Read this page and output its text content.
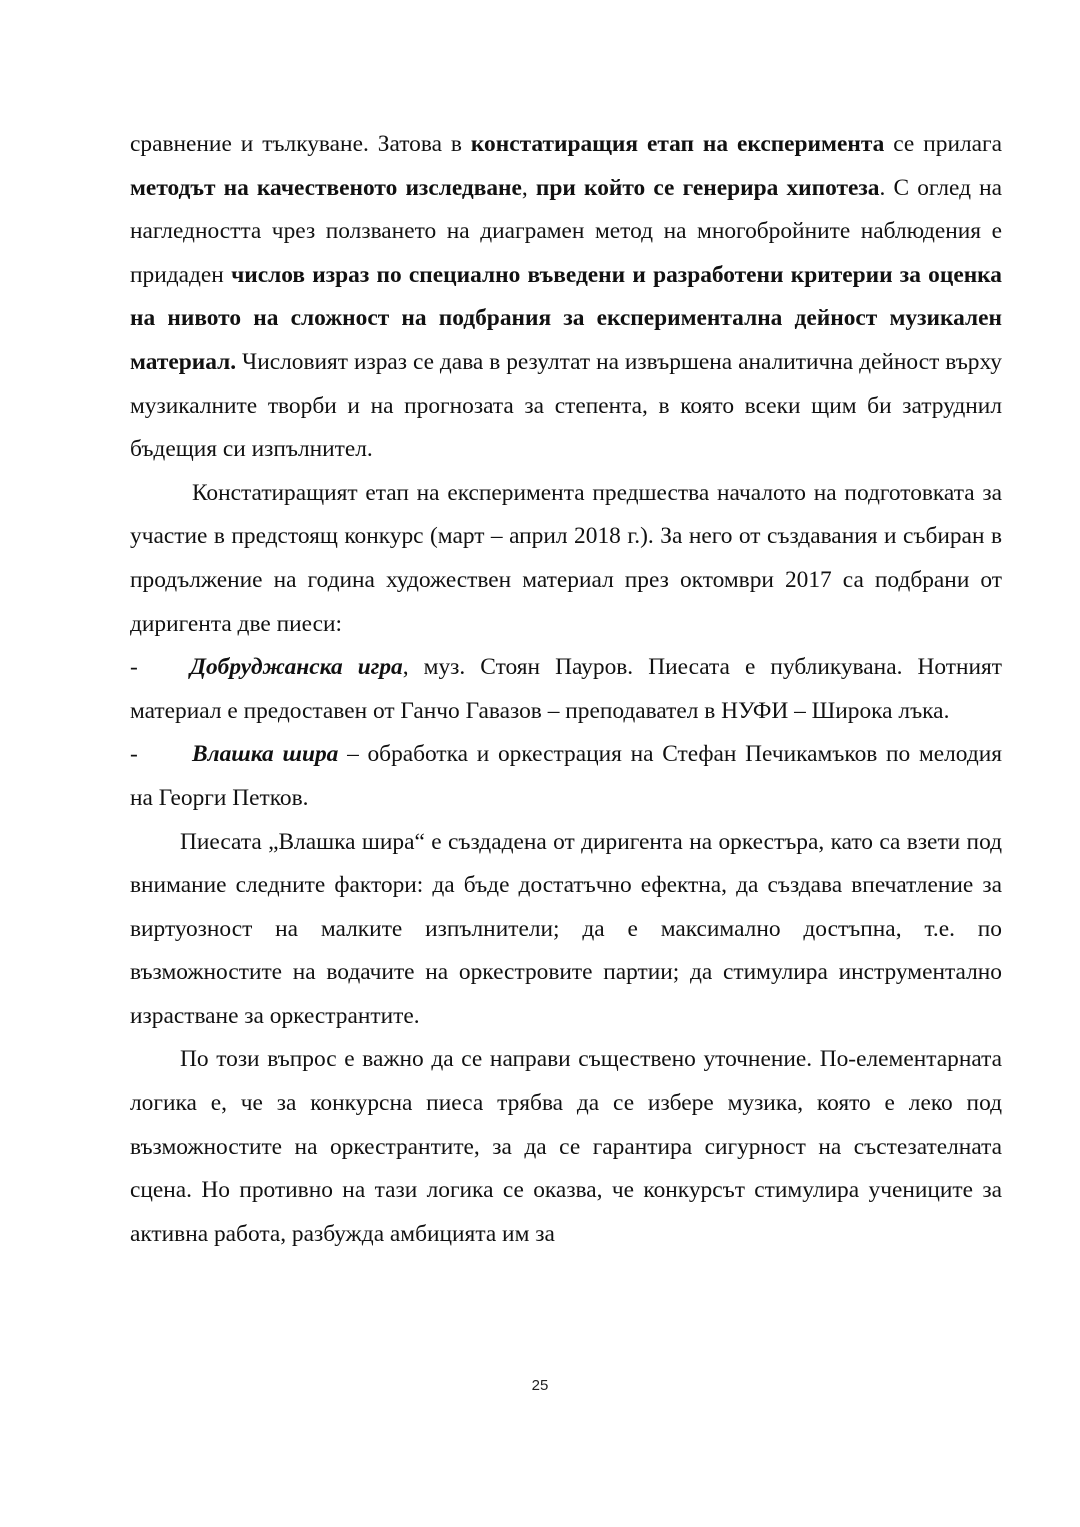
сравнение и тълкуване. Затова в констатиращия етап на експеримента се прилага методът на качественото изследване, при който се генерира хипотеза. С оглед на нагледността чрез ползването на диаграмен метод на многобройните наблюдения е придаден числов израз по специално въведени и разработени критерии за оценка на нивото на сложност на подбрания за експериментална дейност музикален материал. Числовият израз се дава в резултат на извършена аналитична дейност върху музикалните творби и на прогнозата за степента, в която всеки щим би затруднил бъдещия си изпълнител.

Констатиращият етап на експеримента предшества началото на подготовката за участие в предстоящ конкурс (март – април 2018 г.). За него от създавания и събиран в продължение на година художествен материал през октомври 2017 са подбрани от диригента две пиеси:

- Добруджанска игра, муз. Стоян Пауров. Пиесата е публикувана. Нотният материал е предоставен от Ганчо Гавазов – преподавател в НУФИ – Широка лъка.

- Влашка шира – обработка и оркестрация на Стефан Печикамъков по мелодия на Георги Петков.

Пиесата „Влашка шира“ е създадена от диригента на оркестъра, като са взети под внимание следните фактори: да бъде достатъчно ефектна, да създава впечатление за виртуозност на малките изпълнители; да е максимално достъпна, т.е. по възможностите на водачите на оркестровите партии; да стимулира инструментално израстване за оркестрантите.

По този въпрос е важно да се направи съществено уточнение. По-елементарната логика е, че за конкурсна пиеса трябва да се избере музика, която е леко под възможностите на оркестрантите, за да се гарантира сигурност на състезателната сцена. Но противно на тази логика се оказва, че конкурсът стимулира учениците за активна работа, разбужда амбицията им за

25
